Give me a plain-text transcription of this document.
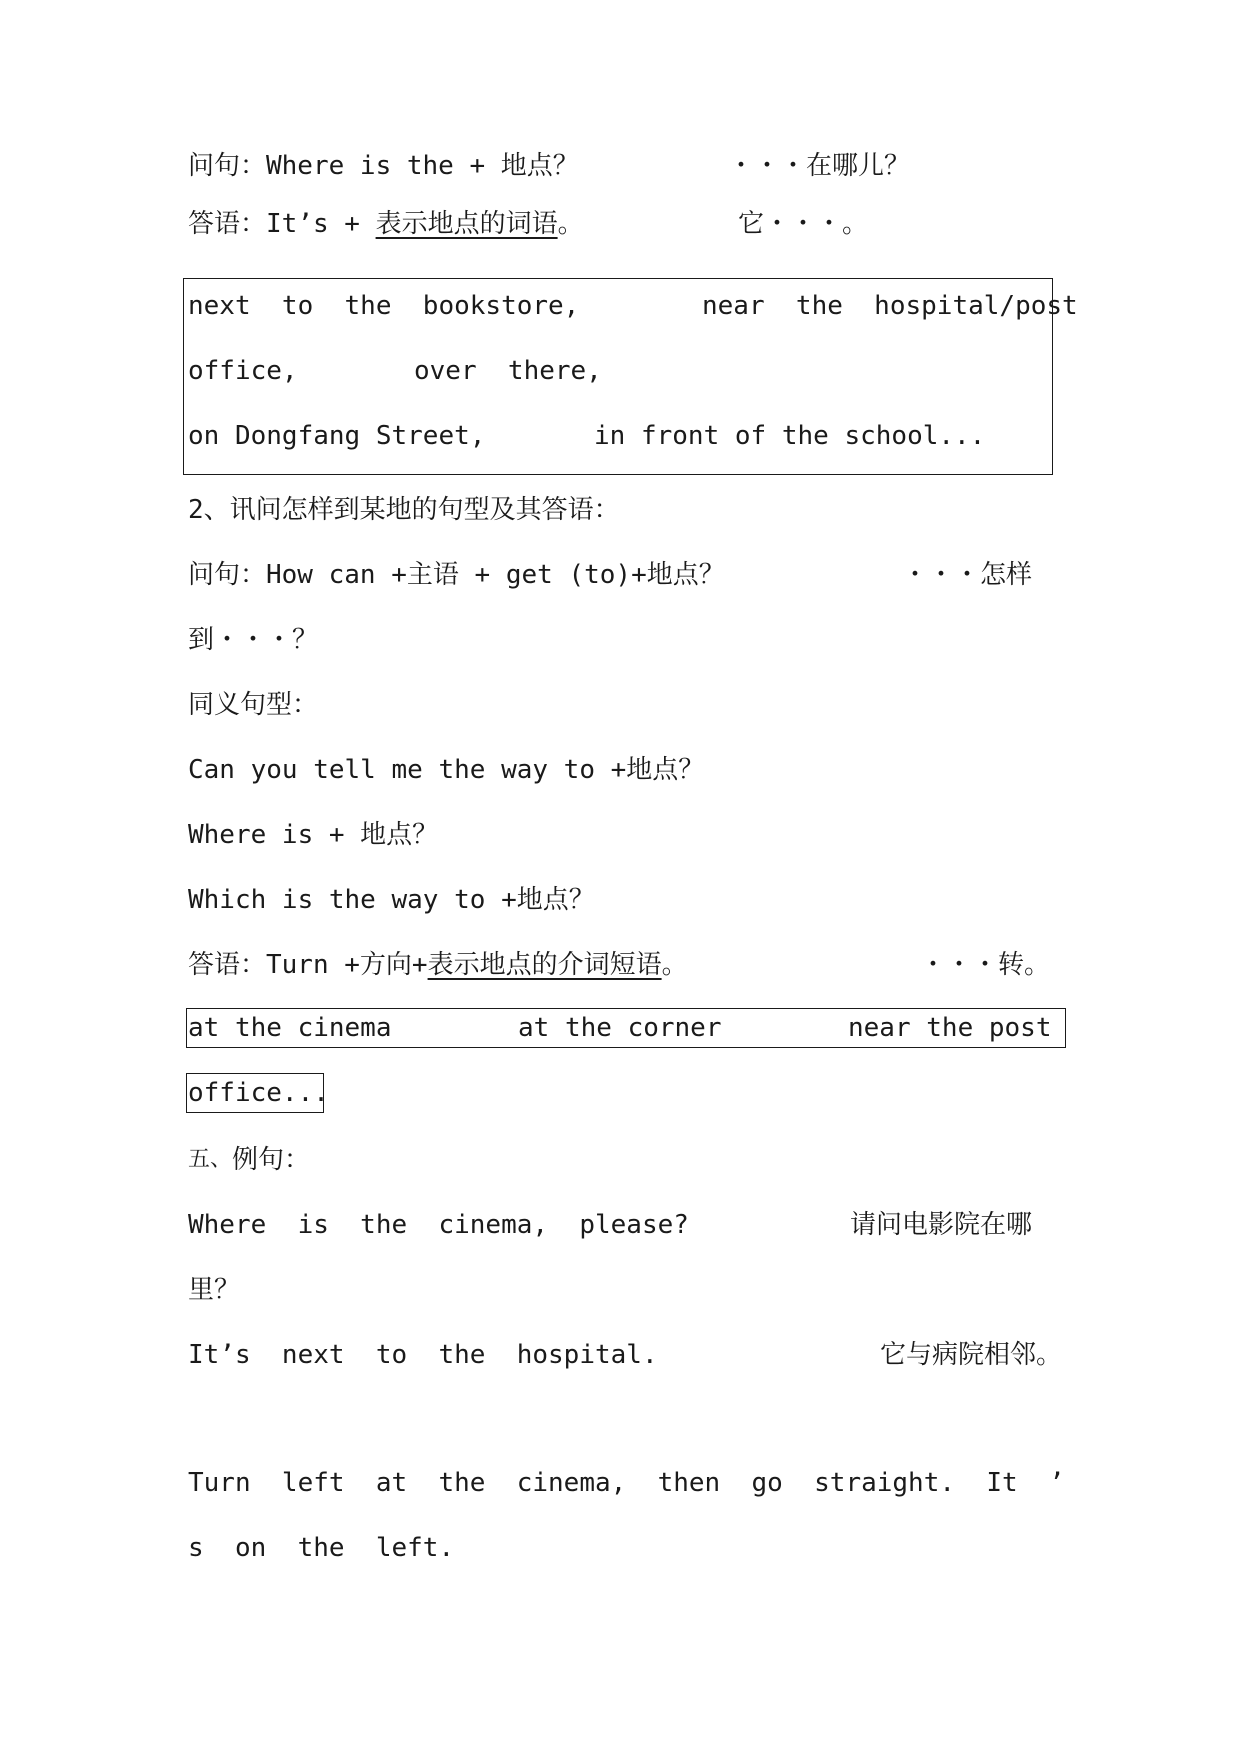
问句：Where is the + 地点？

	・・・在哪儿？

答语：It’s + 表示地点的词语。

	它・・・。

next  to  the  bookstore,

	near  the  hospital/post

office,

	over  there,

on Dongfang Street,

	in front of the school...

2、讯问怎样到某地的句型及其答语：

问句：How can +主语 + get (to)+地点？

	・・・怎样

到・・・？
同义句型：
Can you tell me the way to +地点？
Where is + 地点？
Which is the way to +地点？

答语：Turn +方向+表示地点的介词短语。

	・・・转。

at the cinema

	at the corner

	near the post

office...

五、 例句：

Where  is  the  cinema,  please?

	请问电影院在哪

里？

It’s  next  to  the  hospital.

	它与病院相邻。

Turn  left  at  the  cinema,  then  go  straight.  It  ’
s  on  the  left.
